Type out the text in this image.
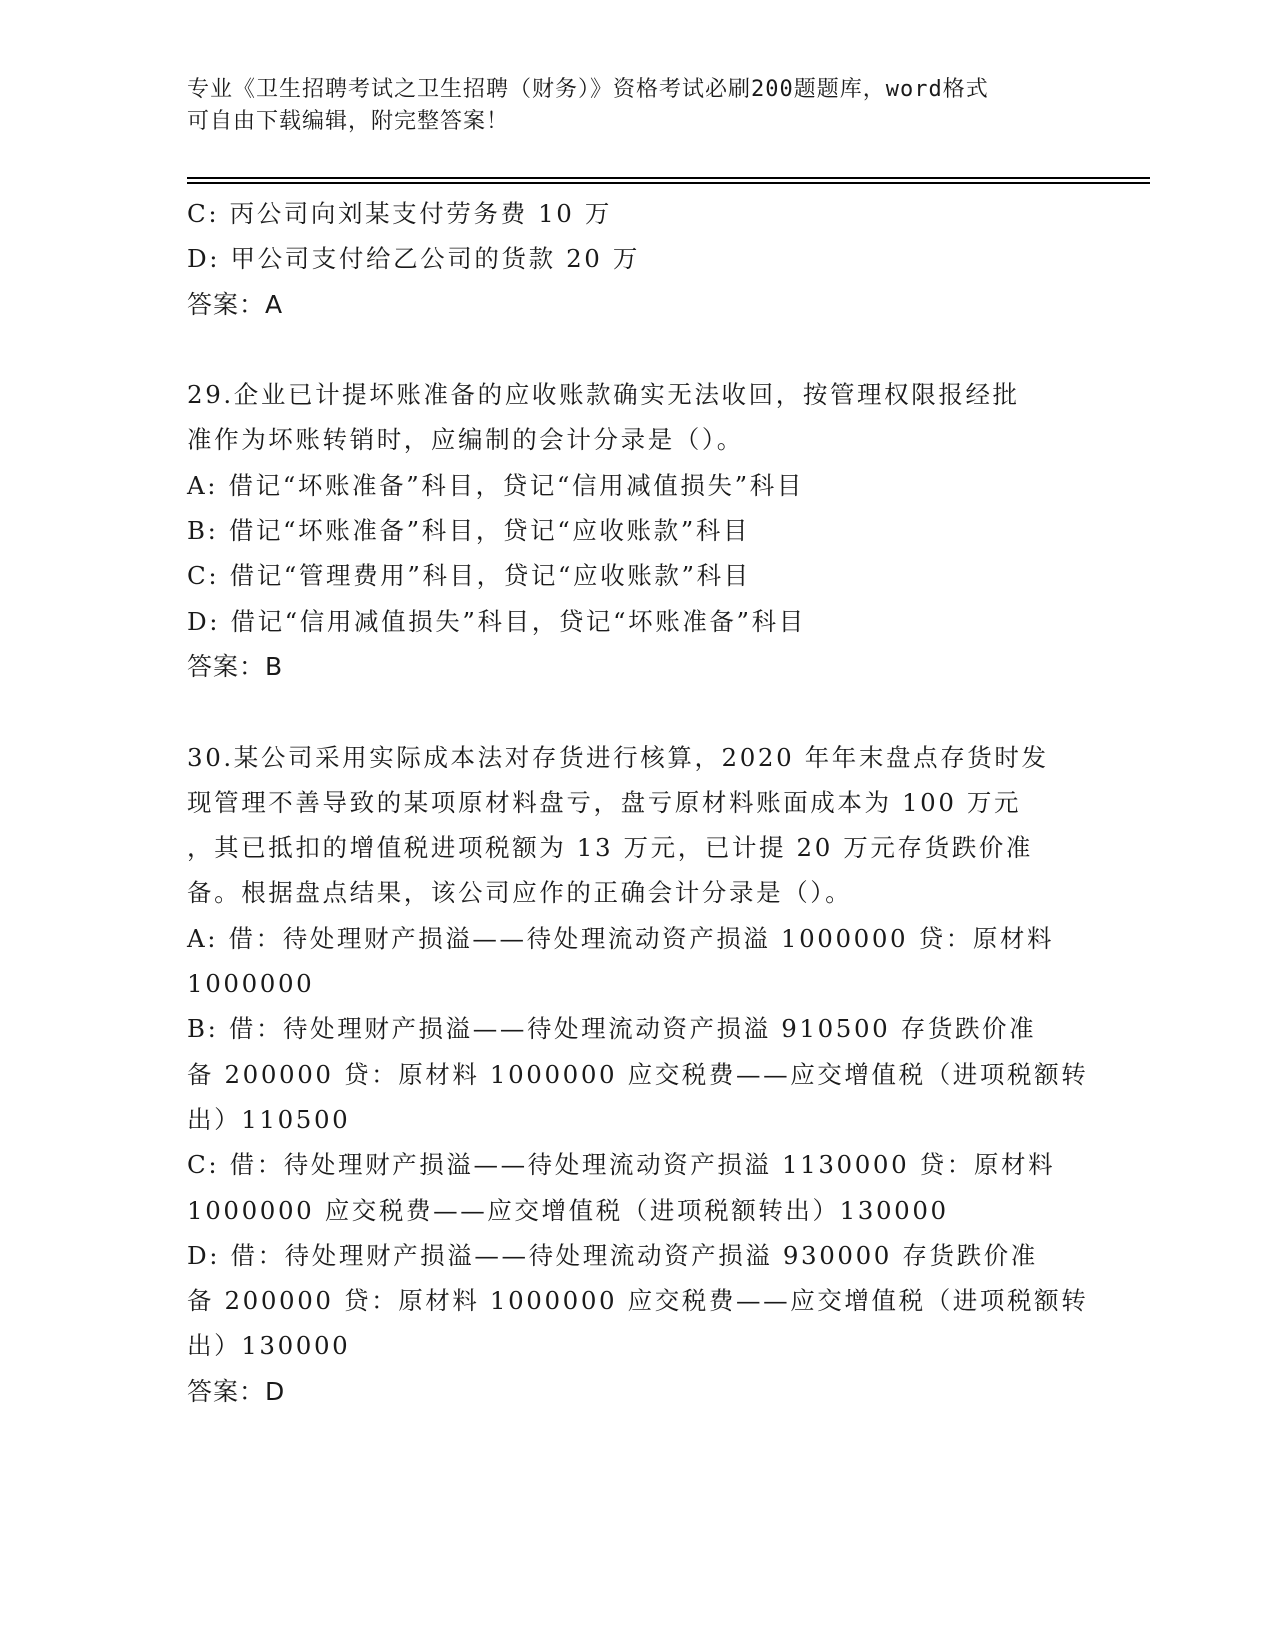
专业《卫生招聘考试之卫生招聘（财务）》资格考试必刷200题题库，word格式
可自由下载编辑，附完整答案！
C: 丙公司向刘某支付劳务费 10 万
D: 甲公司支付给乙公司的货款 20 万
答案：A
29.企业已计提坏账准备的应收账款确实无法收回，按管理权限报经批
准作为坏账转销时，应编制的会计分录是（）。
A: 借记“坏账准备”科目，贷记“信用减值损失”科目
B: 借记“坏账准备”科目，贷记“应收账款”科目
C: 借记“管理费用”科目，贷记“应收账款”科目
D: 借记“信用减值损失”科目，贷记“坏账准备”科目
答案：B
30.某公司采用实际成本法对存货进行核算，2020 年年末盘点存货时发
现管理不善导致的某项原材料盘亏，盘亏原材料账面成本为 100 万元
，其已抵扣的增值税进项税额为 13 万元，已计提 20 万元存货跌价准
备。根据盘点结果，该公司应作的正确会计分录是（）。
A: 借：待处理财产损溢——待处理流动资产损溢 1000000 贷：原材料
1000000
B: 借：待处理财产损溢——待处理流动资产损溢 910500 存货跌价准
备 200000 贷：原材料 1000000 应交税费——应交增值税（进项税额转
出）110500
C: 借：待处理财产损溢——待处理流动资产损溢 1130000 贷：原材料
1000000 应交税费——应交增值税（进项税额转出）130000
D: 借：待处理财产损溢——待处理流动资产损溢 930000 存货跌价准
备 200000 贷：原材料 1000000 应交税费——应交增值税（进项税额转
出）130000
答案：D
